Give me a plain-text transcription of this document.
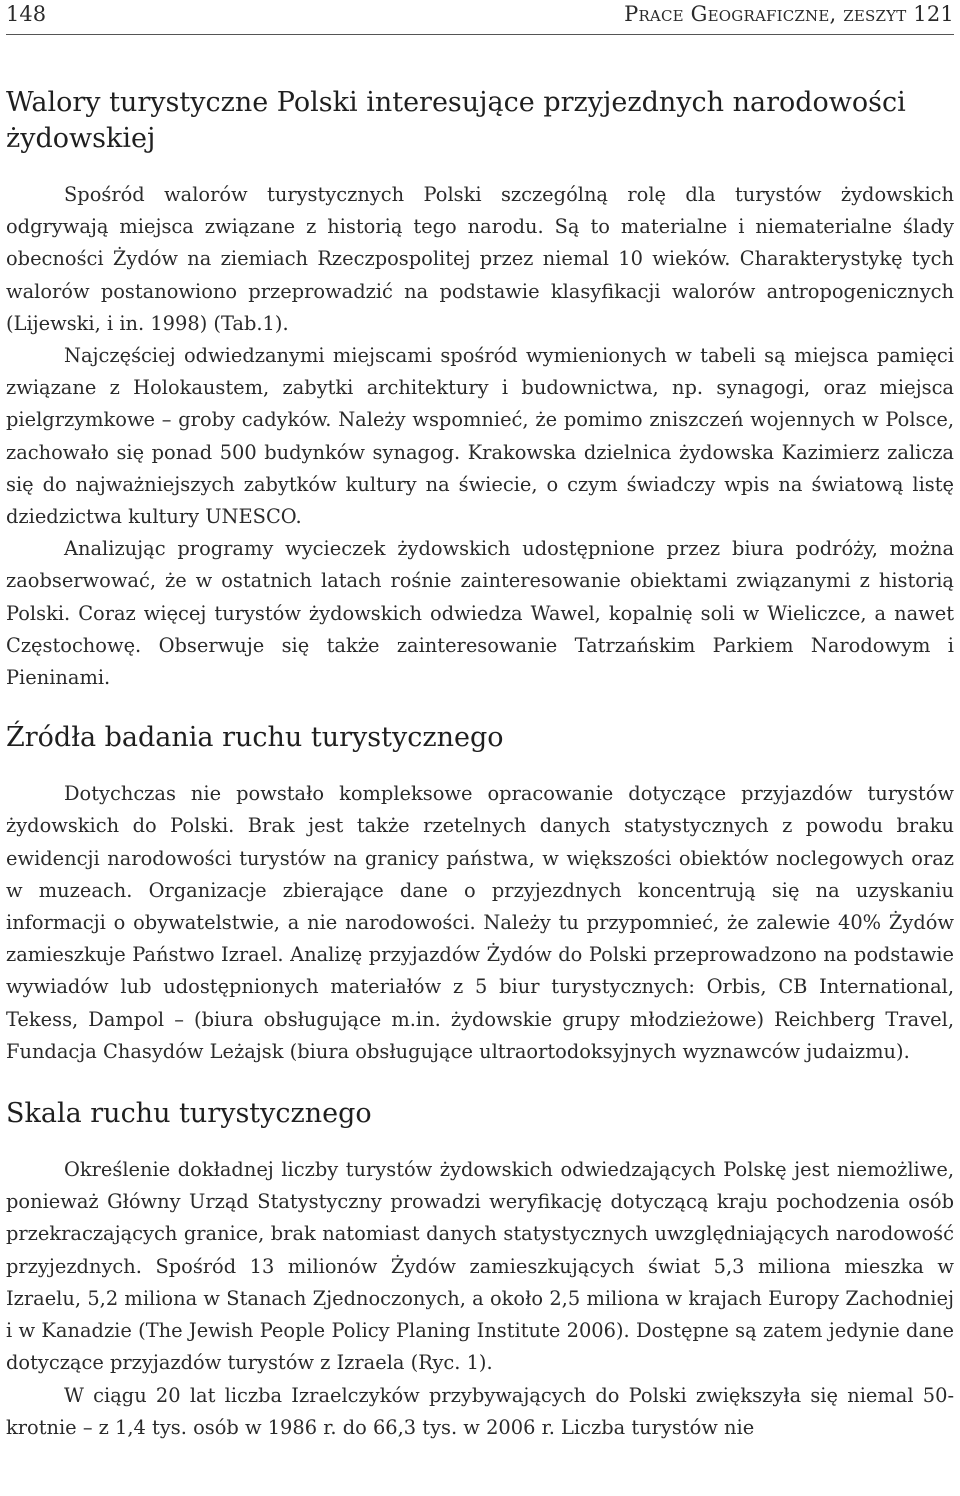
148	Prace Geograficzne, zeszyt 121
Walory turystyczne Polski interesujące przyjezdnych narodowości żydowskiej

Spośród walorów turystycznych Polski szczególną rolę dla turystów żydowskich odgrywają miejsca związane z historią tego narodu. Są to materialne i niematerialne ślady obecności Żydów na ziemiach Rzeczpospolitej przez niemal 10 wieków. Charakterystykę tych walorów postanowiono przeprowadzić na podstawie klasyfikacji walorów antropogenicznych (Lijewski, i in. 1998) (Tab.1).

Najczęściej odwiedzanymi miejscami spośród wymienionych w tabeli są miejsca pamięci związane z Holokaustem, zabytki architektury i budownictwa, np. synagogi, oraz miejsca pielgrzymkowe – groby cadyków. Należy wspomnieć, że pomimo zniszczeń wojennych w Polsce, zachowało się ponad 500 budynków synagog. Krakowska dzielnica żydowska Kazimierz zalicza się do najważniejszych zabytków kultury na świecie, o czym świadczy wpis na światową listę dziedzictwa kultury UNESCO.

Analizując programy wycieczek żydowskich udostępnione przez biura podróży, można zaobserwować, że w ostatnich latach rośnie zainteresowanie obiektami związanymi z historią Polski. Coraz więcej turystów żydowskich odwiedza Wawel, kopalnię soli w Wieliczce, a nawet Częstochowę. Obserwuje się także zainteresowanie Tatrzańskim Parkiem Narodowym i Pieninami.

Źródła badania ruchu turystycznego

Dotychczas nie powstało kompleksowe opracowanie dotyczące przyjazdów turystów żydowskich do Polski. Brak jest także rzetelnych danych statystycznych z powodu braku ewidencji narodowości turystów na granicy państwa, w większości obiektów noclegowych oraz w muzeach. Organizacje zbierające dane o przyjezdnych koncentrują się na uzyskaniu informacji o obywatelstwie, a nie narodowości. Należy tu przypomnieć, że zalewie 40% Żydów zamieszkuje Państwo Izrael. Analizę przyjazdów Żydów do Polski przeprowadzono na podstawie wywiadów lub udostępnionych materiałów z 5 biur turystycznych: Orbis, CB International, Tekess, Dampol – (biura obsługujące m.in. żydowskie grupy młodzieżowe) Reichberg Travel, Fundacja Chasydów Leżajsk (biura obsługujące ultraortodoksyjnych wyznawców judaizmu).

Skala ruchu turystycznego

Określenie dokładnej liczby turystów żydowskich odwiedzających Polskę jest niemożliwe, ponieważ Główny Urząd Statystyczny prowadzi weryfikację dotyczącą kraju pochodzenia osób przekraczających granice, brak natomiast danych statystycznych uwzględniających narodowość przyjezdnych. Spośród 13 milionów Żydów zamieszkujących świat 5,3 miliona mieszka w Izraelu, 5,2 miliona w Stanach Zjednoczonych, a około 2,5 miliona w krajach Europy Zachodniej i w Kanadzie (The Jewish People Policy Planing Institute 2006). Dostępne są zatem jedynie dane dotyczące przyjazdów turystów z Izraela (Ryc. 1).

W ciągu 20 lat liczba Izraelczyków przybywających do Polski zwiększyła się niemal 50-krotnie – z 1,4 tys. osób w 1986 r. do 66,3 tys. w 2006 r. Liczba turystów nie
